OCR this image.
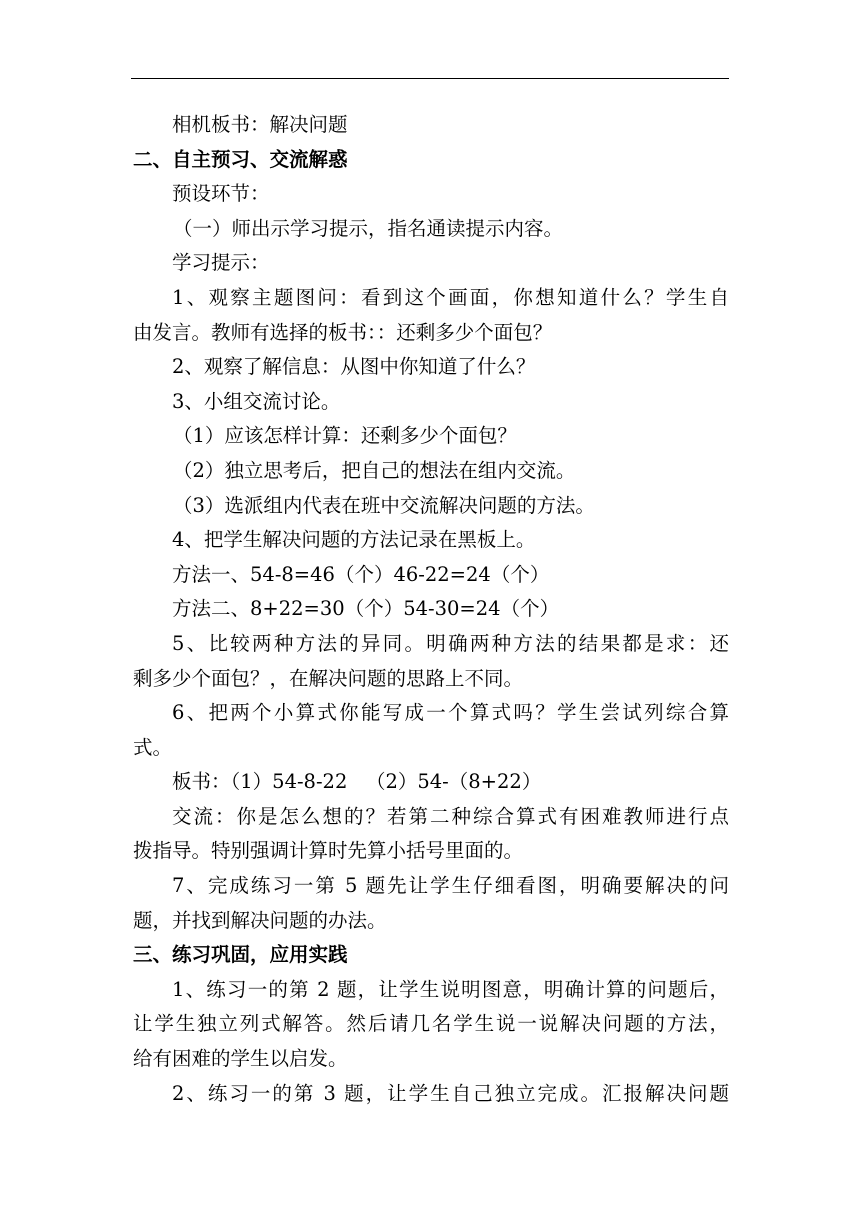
相机板书：解决问题
二、自主预习、交流解惑
预设环节：
（一）师出示学习提示，指名通读提示内容。
学习提示：
1、观察主题图问：看到这个画面，你想知道什么？学生自
由发言。教师有选择的板书：：还剩多少个面包？
2、观察了解信息：从图中你知道了什么？
3、小组交流讨论。
（1）应该怎样计算：还剩多少个面包？
（2）独立思考后，把自己的想法在组内交流。
（3）选派组内代表在班中交流解决问题的方法。
4、把学生解决问题的方法记录在黑板上。
方法一、54-8=46（个）46-22=24（个）
方法二、8+22=30（个）54-30=24（个）
5、比较两种方法的异同。明确两种方法的结果都是求：还
剩多少个面包？，在解决问题的思路上不同。
6、把两个小算式你能写成一个算式吗？学生尝试列综合算
式。
板书：（1）54-8-22   （2）54-（8+22）
交流：你是怎么想的？若第二种综合算式有困难教师进行点
拨指导。特别强调计算时先算小括号里面的。
7、完成练习一第 5 题先让学生仔细看图，明确要解决的问
题，并找到解决问题的办法。
三、练习巩固，应用实践
1、练习一的第 2 题，让学生说明图意，明确计算的问题后，
让学生独立列式解答。然后请几名学生说一说解决问题的方法，
给有困难的学生以启发。
2、练习一的第 3 题，让学生自己独立完成。汇报解决问题
